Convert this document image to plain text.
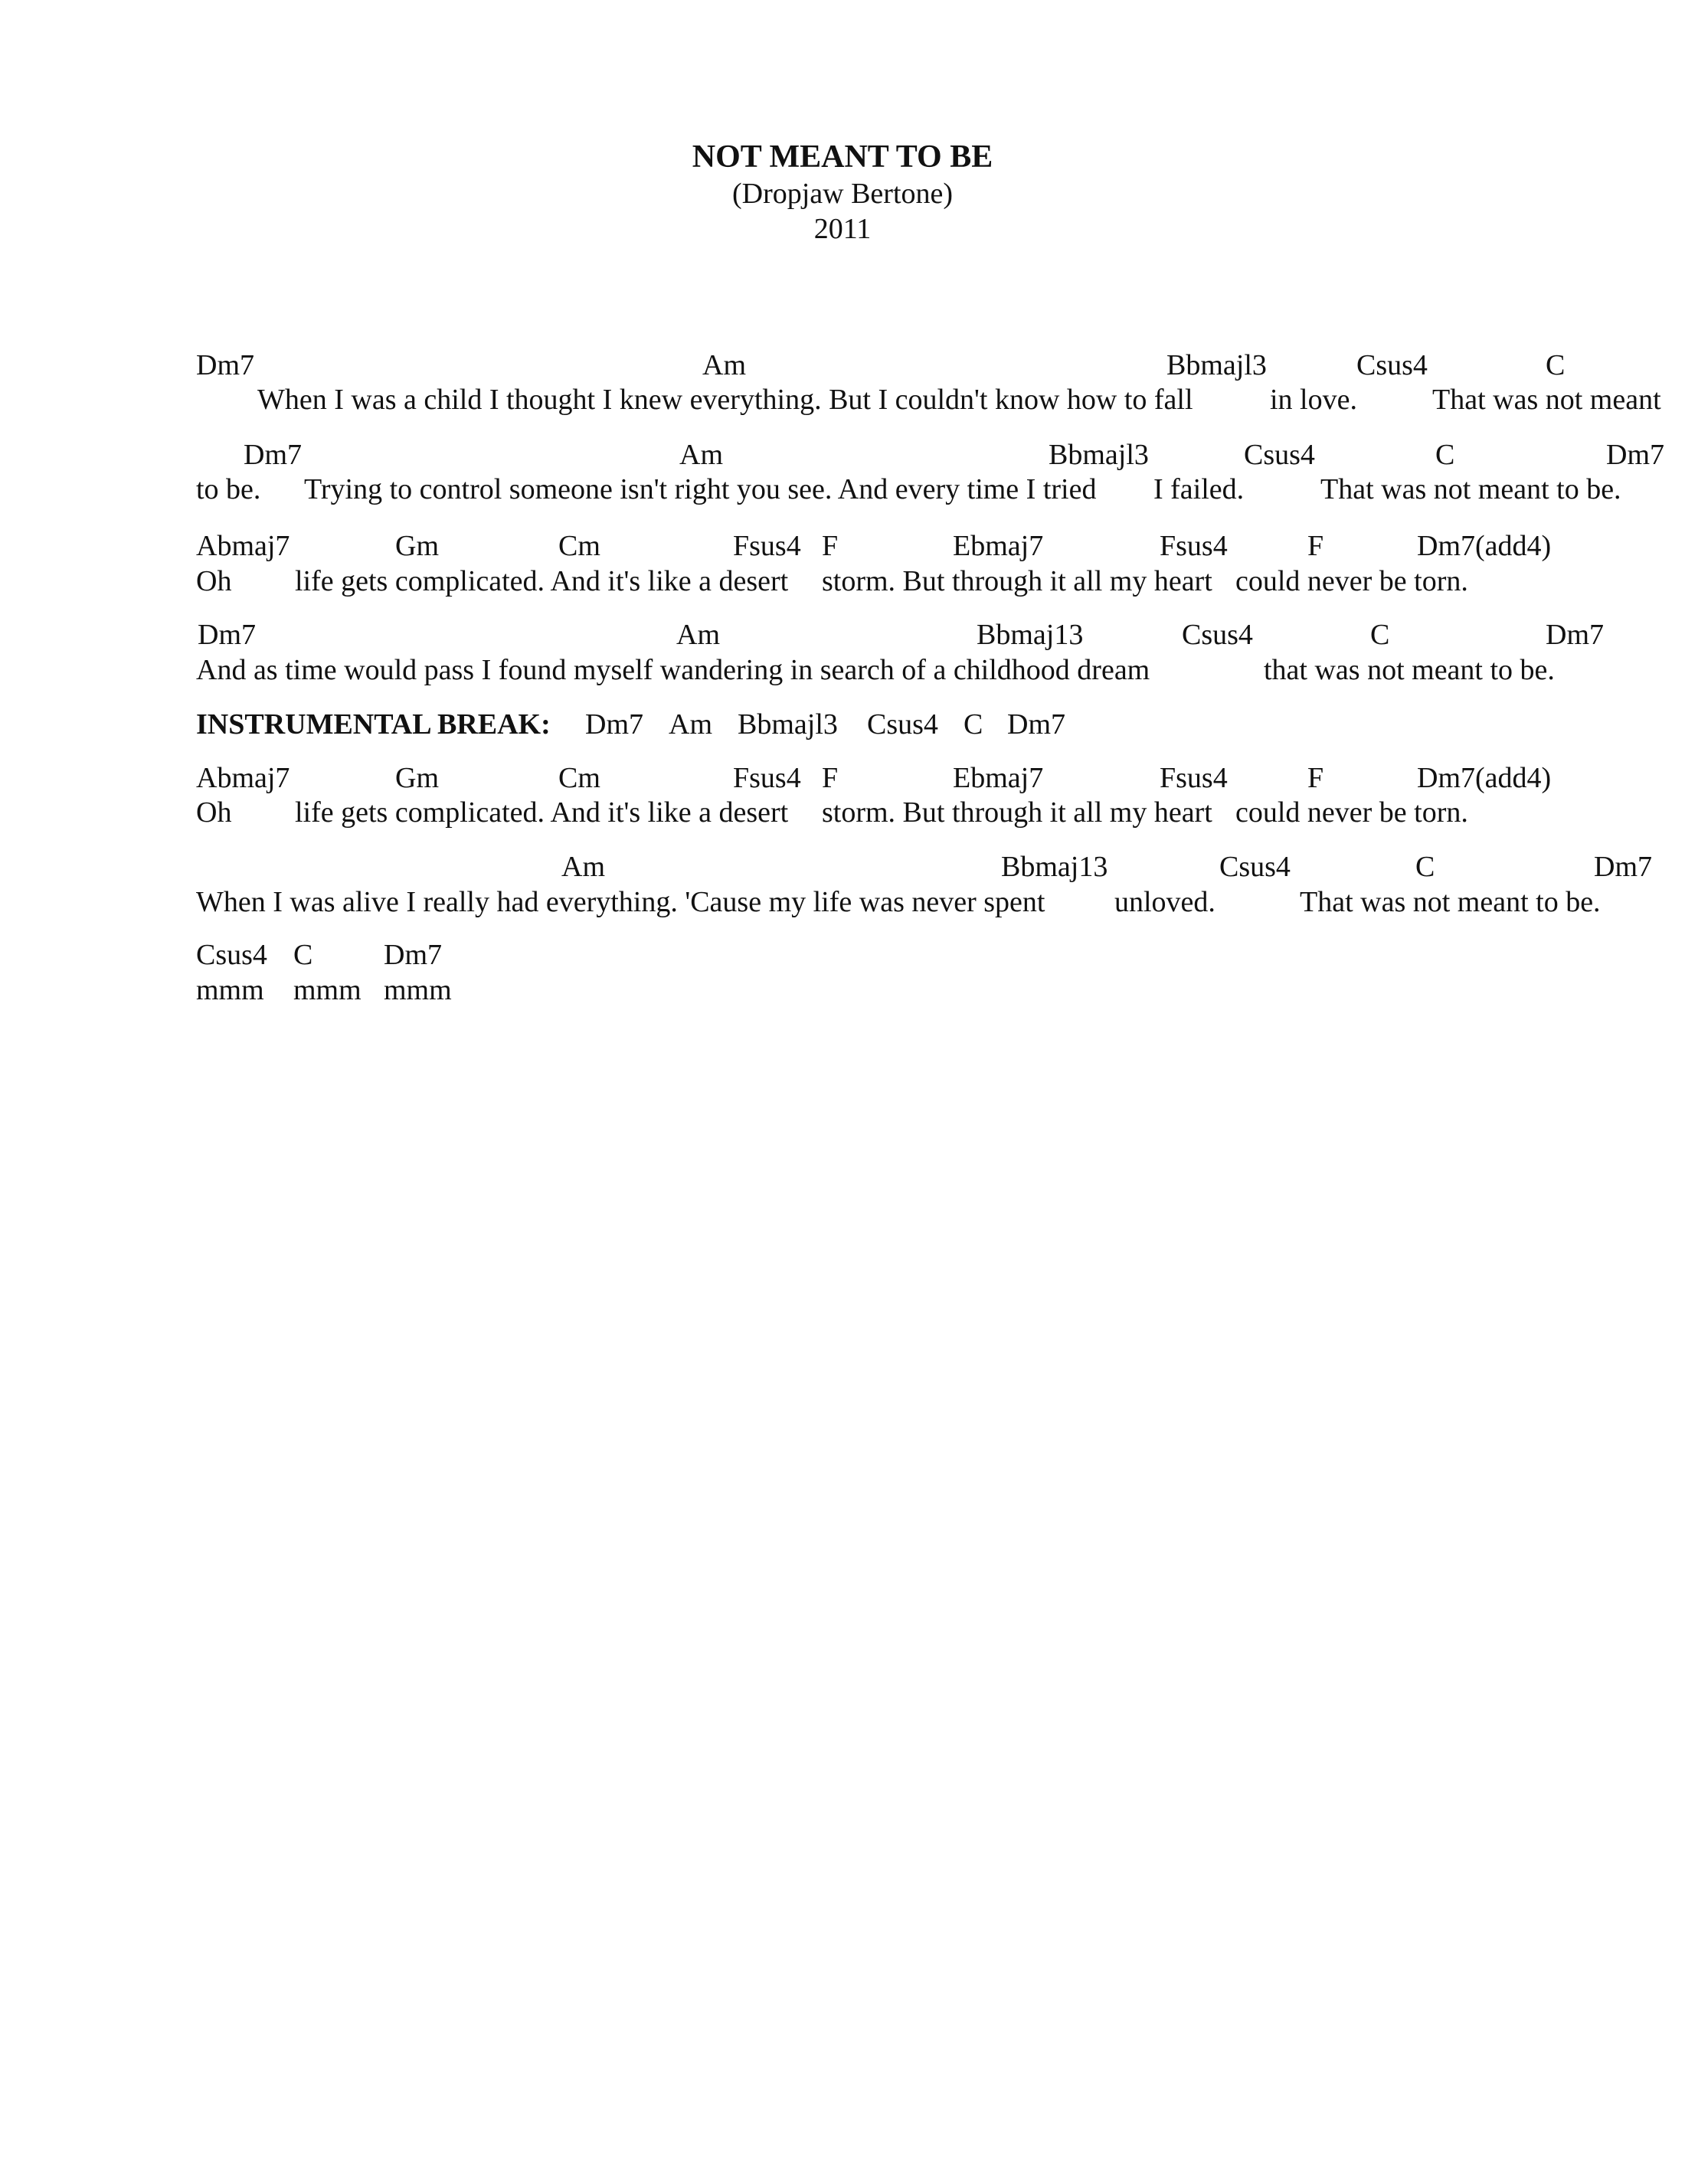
NOT MEANT TO BE
(Dropjaw Bertone)
2011
Dm7	Am	Bbmajl3	Csus4	C
When I was a child I thought I knew everything. But I couldn't know how to fall	in love.	That was not meant
Dm7	Am	Bbmajl3	Csus4	C	Dm7
to be. Trying to control someone isn't right you see. And every time I tried I failed.	That was not meant to be.
Abmaj7	Gm	Cm	Fsus4 F	Ebmaj7	Fsus4	F	Dm7(add4)
Oh life gets complicated. And it's like a desert storm. But through it all my heart could never be torn.
Dm7	Am	Bbmaj13	Csus4	C	Dm7
And as time would pass I found myself wandering in search of a childhood dream	that was not meant to be.
INSTRUMENTAL BREAK: Dm7 Am Bbmajl3 Csus4 C Dm7
Abmaj7	Gm	Cm	Fsus4 F	Ebmaj7	Fsus4	F	Dm7(add4)
Oh life gets complicated. And it's like a desert storm. But through it all my heart could never be torn.
Am	Bbmaj13	Csus4	C	Dm7
When I was alive I really had everything. 'Cause my life was never spent unloved.	That was not meant to be.
Csus4 C Dm7
mmm mmm mmm
